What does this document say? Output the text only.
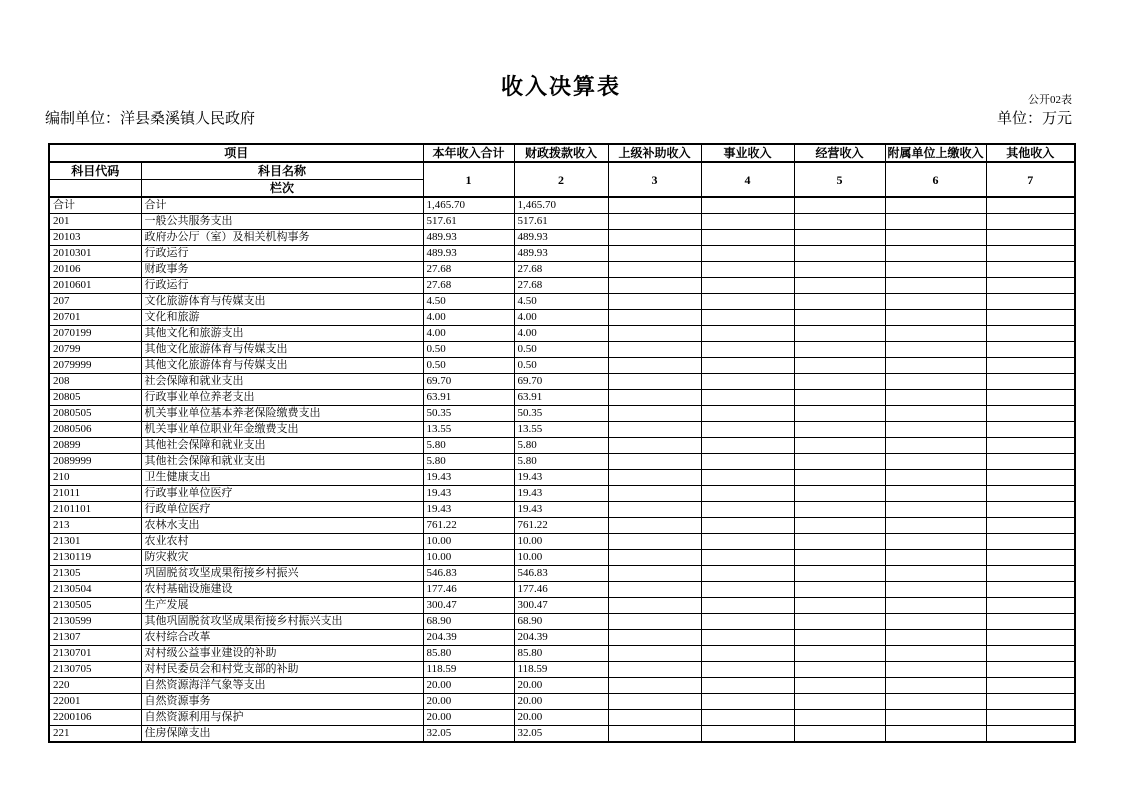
收入决算表
公开02表
编制单位：洋县桑溪镇人民政府	单位：万元
项目		本年收入合计	财政拨款收入	上级补助收入	事业收入	经营收入	附属单位上缴收入	其他收入
科目代码	科目名称	1	2	3	4	5	6	7
	栏次							
合计	合计	1,465.70	1,465.70					
201	一般公共服务支出	517.61	517.61					
20103	政府办公厅（室）及相关机构事务	489.93	489.93					
2010301	行政运行	489.93	489.93					
20106	财政事务	27.68	27.68					
2010601	行政运行	27.68	27.68					
207	文化旅游体育与传媒支出	4.50	4.50					
20701	文化和旅游	4.00	4.00					
2070199	其他文化和旅游支出	4.00	4.00					
20799	其他文化旅游体育与传媒支出	0.50	0.50					
2079999	其他文化旅游体育与传媒支出	0.50	0.50					
208	社会保障和就业支出	69.70	69.70					
20805	行政事业单位养老支出	63.91	63.91					
2080505	机关事业单位基本养老保险缴费支出	50.35	50.35					
2080506	机关事业单位职业年金缴费支出	13.55	13.55					
20899	其他社会保障和就业支出	5.80	5.80					
2089999	其他社会保障和就业支出	5.80	5.80					
210	卫生健康支出	19.43	19.43					
21011	行政事业单位医疗	19.43	19.43					
2101101	行政单位医疗	19.43	19.43					
213	农林水支出	761.22	761.22					
21301	农业农村	10.00	10.00					
2130119	防灾救灾	10.00	10.00					
21305	巩固脱贫攻坚成果衔接乡村振兴	546.83	546.83					
2130504	农村基础设施建设	177.46	177.46					
2130505	生产发展	300.47	300.47					
2130599	其他巩固脱贫攻坚成果衔接乡村振兴支出	68.90	68.90					
21307	农村综合改革	204.39	204.39					
2130701	对村级公益事业建设的补助	85.80	85.80					
2130705	对村民委员会和村党支部的补助	118.59	118.59					
220	自然资源海洋气象等支出	20.00	20.00					
22001	自然资源事务	20.00	20.00					
2200106	自然资源利用与保护	20.00	20.00					
221	住房保障支出	32.05	32.05					
